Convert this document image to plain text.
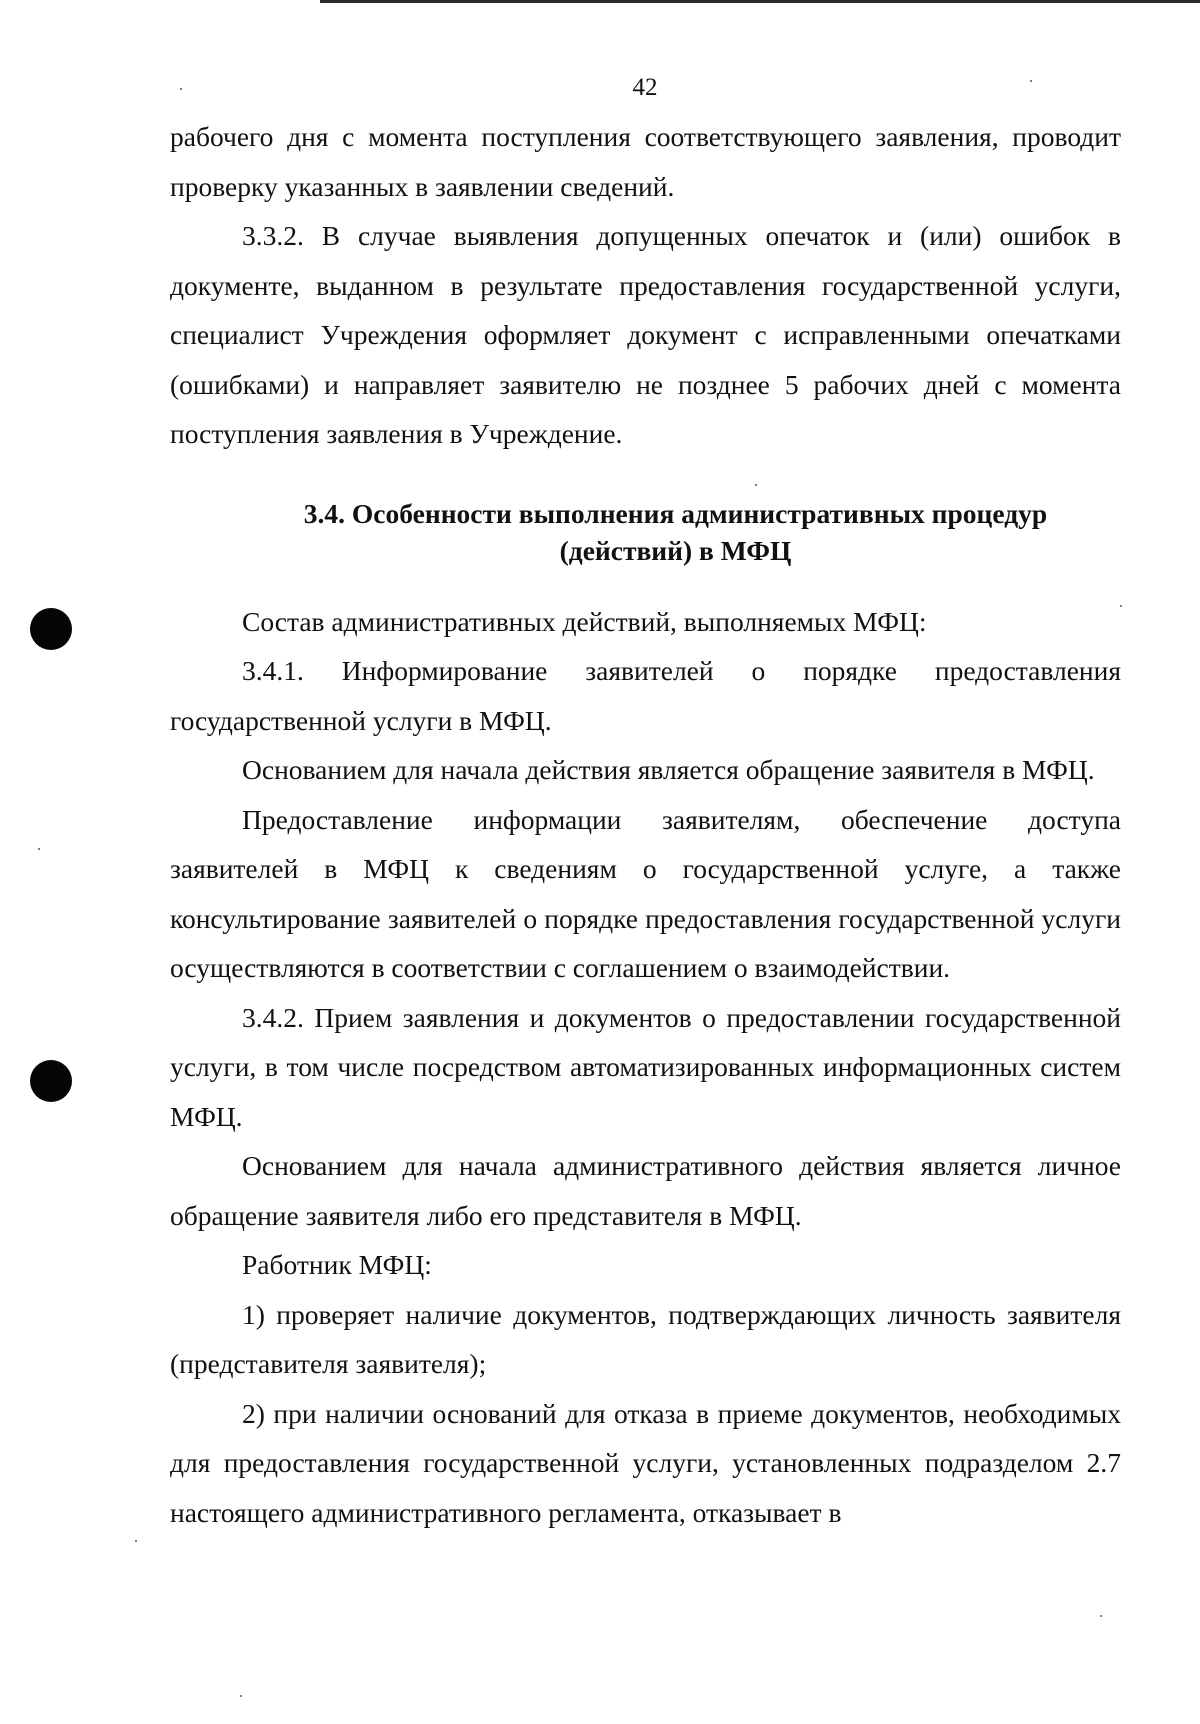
42

рабочего дня с момента поступления соответствующего заявления, проводит проверку указанных в заявлении сведений.

3.3.2. В случае выявления допущенных опечаток и (или) ошибок в документе, выданном в результате предоставления государственной услуги, специалист Учреждения оформляет документ с исправленными опечатками (ошибками) и направляет заявителю не позднее 5 рабочих дней с момента поступления заявления в Учреждение.

3.4. Особенности выполнения административных процедур
(действий) в МФЦ

Состав административных действий, выполняемых МФЦ:

3.4.1. Информирование заявителей о порядке предоставления государственной услуги в МФЦ.

Основанием для начала действия является обращение заявителя в МФЦ.

Предоставление информации заявителям, обеспечение доступа заявителей в МФЦ к сведениям о государственной услуге, а также консультирование заявителей о порядке предоставления государственной услуги осуществляются в соответствии с соглашением о взаимодействии.

3.4.2. Прием заявления и документов о предоставлении государственной услуги, в том числе посредством автоматизированных информационных систем МФЦ.

Основанием для начала административного действия является личное обращение заявителя либо его представителя в МФЦ.

Работник МФЦ:

1) проверяет наличие документов, подтверждающих личность заявителя (представителя заявителя);

2) при наличии оснований для отказа в приеме документов, необходимых для предоставления государственной услуги, установленных подразделом 2.7 настоящего административного регламента, отказывает в
